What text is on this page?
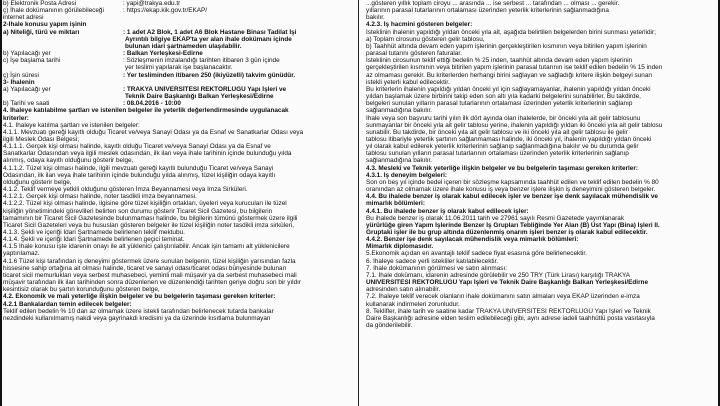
b) Elektronik Posta Adresi	: yapi@trakya.edu.tr
ç) İhale dokümanının görülebileceği	: https://ekap.kik.gov.tr/EKAP/
internet adresi
2-İhale konusu yapım işinin
a) Niteliği, türü ve miktarı	: 1 adet A2 Blok, 1 adet A6 Blok Hastane Binası Tadilat İşi
Ayrıntılı bilgiye EKAP'ta yer alan ihale dokümanı içinde
bulunan idari şartnameden ulaşılabilir.
b) Yapılacağı yer	: Balkan Yerleşkesi-Edirne
c) İşe başlama tarihi	: Sözleşmenin imzalandığı tarihten itibaren 3 gün içinde
yer teslimi yapılarak işe başlanacaktır.
ç) İşin süresi	: Yer tesliminden itibaren 250 (ikiyüzelli) takvim günüdür.
3- İhalenin
a) Yapılacağı yer	: TRAKYA ÜNİVERSİTESİ REKTÖRLÜĞÜ Yapı İşleri ve
Teknik Daire Başkanlığı Balkan Yerleşkesi/Edirne
b) Tarihi ve saati	: 08.04.2016 - 10:00
4. İhaleye katılabilme şartları ve istenilen belgeler ile yeterlik değerlendirmesinde uygulanacak
kriterler:
4.1. İhaleye katılma şartları ve istenilen belgeler:
4.1.1. Mevzuatı gereği kayıtlı olduğu Ticaret ve/veya Sanayi Odası ya da Esnaf ve Sanatkarlar Odası veya
ilgili Meslek Odası Belgesi;
4.1.1.1. Gerçek kişi olması halinde, kayıtlı olduğu Ticaret ve/veya Sanayi Odası ya da Esnaf ve
Sanatkarlar Odasından veya ilgili meslek odasından, ilk ilan veya ihale tarihinin içinde bulunduğu yılda
alınmış, odaya kayıtlı olduğunu gösterir belge,
4.1.1.2. Tüzel kişi olması halinde, ilgili mevzuatı gereği kayıtlı bulunduğu Ticaret ve/veya Sanayi
Odasından, ilk ilan veya ihale tarihinin içinde bulunduğu yılda alınmış, tüzel kişiliğin odaya kayıtlı
olduğunu gösterir belge,
4.1.2. Teklif vermeye yetkili olduğunu gösteren İmza Beyannamesi veya İmza Sirküleri.
4.1.2.1. Gerçek kişi olması halinde, noter tasdikli imza beyannamesi.
4.1.2.2. Tüzel kişi olması halinde, ilgisine göre tüzel kişiliğin ortakları, üyeleri veya kurucuları ile tüzel
kişiliğin yönetimindeki görevlileri belirten son durumu gösterir Ticaret Sicil Gazetesi, bu bilgilerin
tamamının bir Ticaret Sicil Gazetesinde bulunmaması halinde, bu bilgilerin tümünü göstermek üzere ilgili
Ticaret Sicil Gazeteleri veya bu hususları gösteren belgeler ile tüzel kişiliğin noter tasdikli imza sirküleri,
4.1.3. Şekli ve içeriği İdari Şartnamede belirlenen teklif mektubu.
4.1.4. Şekli ve içeriği İdari Şartnamede belirlenen geçici teminat.
4.1.5 İhale konusu işte idarenin onayı ile alt yüklenici çalıştırılabilir. Ancak işin tamamı alt yüklenicilere
yaptırılamaz.
4.1.6 Tüzel kişi tarafından iş deneyimi göstermek üzere sunulan belgenin, tüzel kişiliğin yarısından fazla
hissesine sahip ortağına ait olması halinde, ticaret ve sanayi odası/ticaret odası bünyesinde bulunan
ticaret sicil memurlukları veya serbest muhasebeci, yeminli mali müşavir ya da serbest muhasebeci mali
müşavir tarafından ilk ilan tarihinden sonra düzenlenen ve düzenlendiği tarihten geriye doğru son bir yıldır
kesintisiz olarak bu şartın korunduğunu gösteren belge,
4.2. Ekonomik ve mali yeterliğe ilişkin belgeler ve bu belgelerin taşıması gereken kriterler:
4.2.1 Bankalardan temin edilecek belgeler:
Teklif edilen bedelin % 10 dan az olmamak üzere istekli tarafından belirlenecek tutarda bankalar
nezdindeki kullanılmamış nakdi veya gayrinakdi kredisini ya da üzerinde kısıtlama bulunmayan
...gösteren yıllık toplam ciroyu ... arasında ... ise serbest ... tarafından ... olması ... gerekir.
yıllarının parasal tutarlarının ortalaması üzerinden yeterlik kriterlerinin sağlanmadığına
bakılır.
4.2.3. İş hacmini gösteren belgeler:
İsteklinin ihalenin yapıldığı yıldan önceki yıla ait, aşağıda belirtilen belgelerden birini sunması yeterlidir;
a) Toplam cirosunu gösteren gelir tablosu,
b) Taahhüt altında devam eden yapım işlerinin gerçekleştirilen kısmının veya bitirilen yapım işlerinin
parasal tutarını gösteren faturalar.
İsteklinin cirosunun teklif ettiği bedelin % 25 inden, taahhüt altında devam eden yapım işlerinin
gerçekleştirilen kısmının veya bitirilen yapım işlerinin parasal tutarının ise teklif edilen bedelin % 15 inden
az olmaması gerekir. Bu kriterlerden herhangi birini sağlayan ve sağladığı kritere ilişkin belgeyi sunan
istekli yeterli kabul edilecektir.
Bu kriterlerin ihalenin yapıldığı yıldan önceki yıl için sağlayamayanlar, ihalenin yapıldığı yıldan önceki
yıldan başlamak üzere birbirini takip eden son altı yıla kadarki belgelerini sunabilirler. Bu takdirde,
belgeleri sunulan yılların parasal tutarlarının ortalaması üzerinden yeterlik kriterlerinin sağlanıp
sağlanmadığına bakılır.
İhale veya son başvuru tarihi yılın ilk dört ayında olan ihalelerde, bir önceki yıla ait gelir tablosunu
sunmayanlar bir önceki yıla ait gelir tablosu yerine, ihalenin yapıldığı yıldan iki önceki yıla ait gelir tablosu
sunabilir. Bu takdirde, bir önceki yıla ait gelir tablosu ve iki önceki yıla ait gelir tablosu ile gelir
tablosu itibariyle yeterlik şartının sağlanmaması halinde, iki önceki yıl, ihalenin yapıldığı yıldan önceki
yıl olarak kabul edilerek yeterlik kriterlerinin sağlanıp sağlanmadığına bakılır ve bu durumda gelir
tablosu sunulan yılların parasal tutarlarının ortalaması üzerinden yeterlik kriterlerinin sağlanıp
sağlanmadığına bakılır.
4.3. Mesleki ve Teknik yeterliğe ilişkin belgeler ve bu belgelerin taşıması gereken kriterler:
4.3.1. İş deneyim belgeleri:
Son on beş yıl içinde bedel içeren bir sözleşme kapsamında taahhüt edilen ve teklif edilen bedelin % 80
oranından az olmamak üzere ihale konusu iş veya benzer işlere ilişkin iş deneyimini gösteren belgeler.
4.4. Bu ihalede benzer iş olarak kabul edilecek işler ve benzer işe denk sayılacak mühendislik ve
mimarlık bölümleri:
4.4.1. Bu ihalede benzer iş olarak kabul edilecek işler:
Bu ihalede benzer iş olarak 11.06.2011 tarih ve 27961 sayılı Resmi Gazetede yayımlanarak
yürürlüğe giren Yapım İşlerinde Benzer İş Grupları Tebliğinde Yer Alan (B) Üst Yapı (Bina) İşleri II.
Gruptaki işler ile bu grup altında düzenlenmiş onarım işleri benzer iş olarak kabul edilecektir.
4.4.2. Benzer işe denk sayılacak mühendislik veya mimarlık bölümleri:
Mimarlık diplomasıdır.
5.Ekonomik açıdan en avantajlı teklif sadece fiyat esasına göre belirlenecektir.
6. İhaleye sadece yerli istekliler katılabilecektir.
7. İhale dokümanının görülmesi ve satın alınması:
7.1. İhale dokümanı, idarenin adresinde görülebilir ve 250 TRY (Türk Lirası) karşılığı TRAKYA
ÜNİVERSİTESİ REKTÖRLÜĞÜ Yapı İşleri ve Teknik Daire Başkanlığı Balkan Yerleşkesi/Edirne
adresinden satın alınabilir.
7.2. İhaleye teklif verecek olanların ihale dokümanını satın almaları veya EKAP üzerinden e-imza
kullanarak indirmeleri zorunludur.
8. Teklifler, ihale tarih ve saatine kadar TRAKYA ÜNİVERSİTESİ REKTÖRLÜĞÜ Yapı İşleri ve Teknik
Daire Başkanlığı adresine elden teslim edilebileceği gibi, aynı adrese iadeli taahhütlü posta vasıtasıyla
da gönderilebilir.
